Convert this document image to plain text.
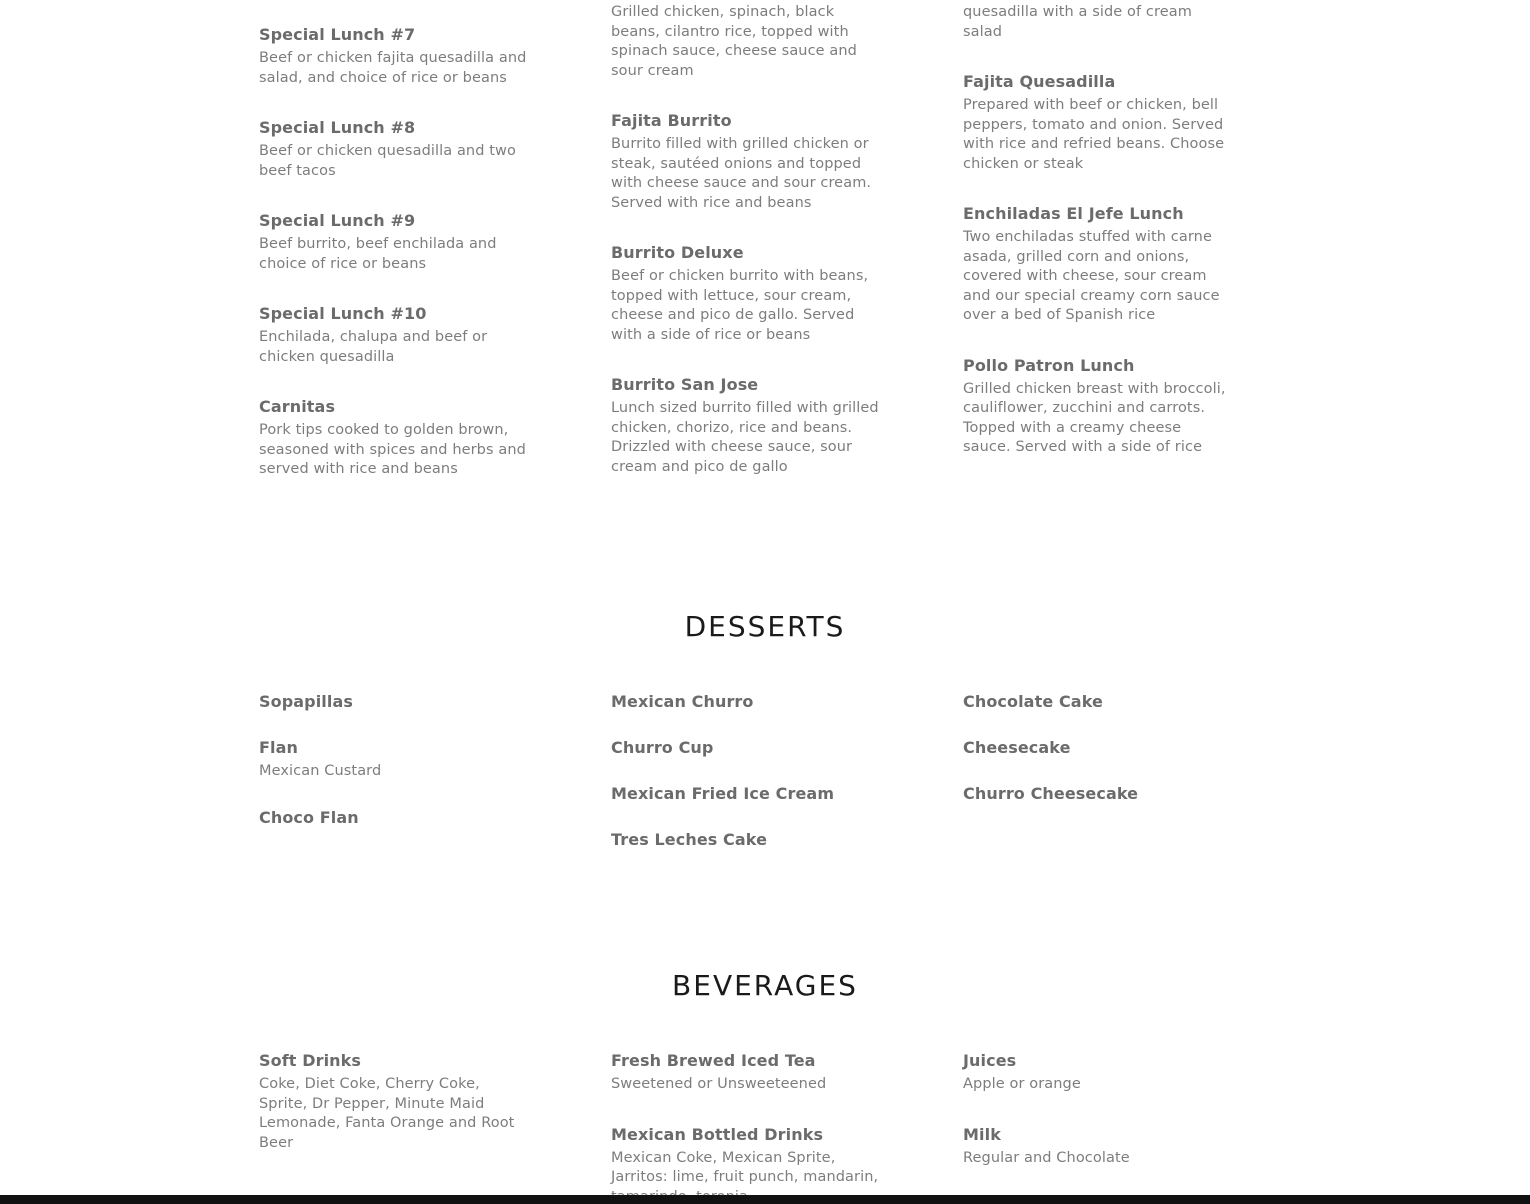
Special Lunch #7
Beef or chicken fajita quesadilla and salad, and choice of rice or beans
Special Lunch #8
Beef or chicken quesadilla and two beef tacos
Special Lunch #9
Beef burrito, beef enchilada and choice of rice or beans
Special Lunch #10
Enchilada, chalupa and beef or chicken quesadilla
Carnitas
Pork tips cooked to golden brown, seasoned with spices and herbs and served with rice and beans
Grilled chicken, spinach, black beans, cilantro rice, topped with spinach sauce, cheese sauce and sour cream
Fajita Burrito
Burrito filled with grilled chicken or steak, sautéed onions and topped with cheese sauce and sour cream. Served with rice and beans
Burrito Deluxe
Beef or chicken burrito with beans, topped with lettuce, sour cream, cheese and pico de gallo. Served with a side of rice or beans
Burrito San Jose
Lunch sized burrito filled with grilled chicken, chorizo, rice and beans. Drizzled with cheese sauce, sour cream and pico de gallo
quesadilla with a side of cream salad
Fajita Quesadilla
Prepared with beef or chicken, bell peppers, tomato and onion. Served with rice and refried beans. Choose chicken or steak
Enchiladas El Jefe Lunch
Two enchiladas stuffed with carne asada, grilled corn and onions, covered with cheese, sour cream and our special creamy corn sauce over a bed of Spanish rice
Pollo Patron Lunch
Grilled chicken breast with broccoli, cauliflower, zucchini and carrots. Topped with a creamy cheese sauce. Served with a side of rice
DESSERTS
Sopapillas
Flan
Mexican Custard
Choco Flan
Mexican Churro
Churro Cup
Mexican Fried Ice Cream
Tres Leches Cake
Chocolate Cake
Cheesecake
Churro Cheesecake
BEVERAGES
Soft Drinks
Coke, Diet Coke, Cherry Coke, Sprite, Dr Pepper, Minute Maid Lemonade, Fanta Orange and Root Beer
Fresh Brewed Iced Tea
Sweetened or Unsweeteened
Mexican Bottled Drinks
Mexican Coke, Mexican Sprite, Jarritos: lime, fruit punch, mandarin,
Juices
Apple or orange
Milk
Regular and Chocolate
